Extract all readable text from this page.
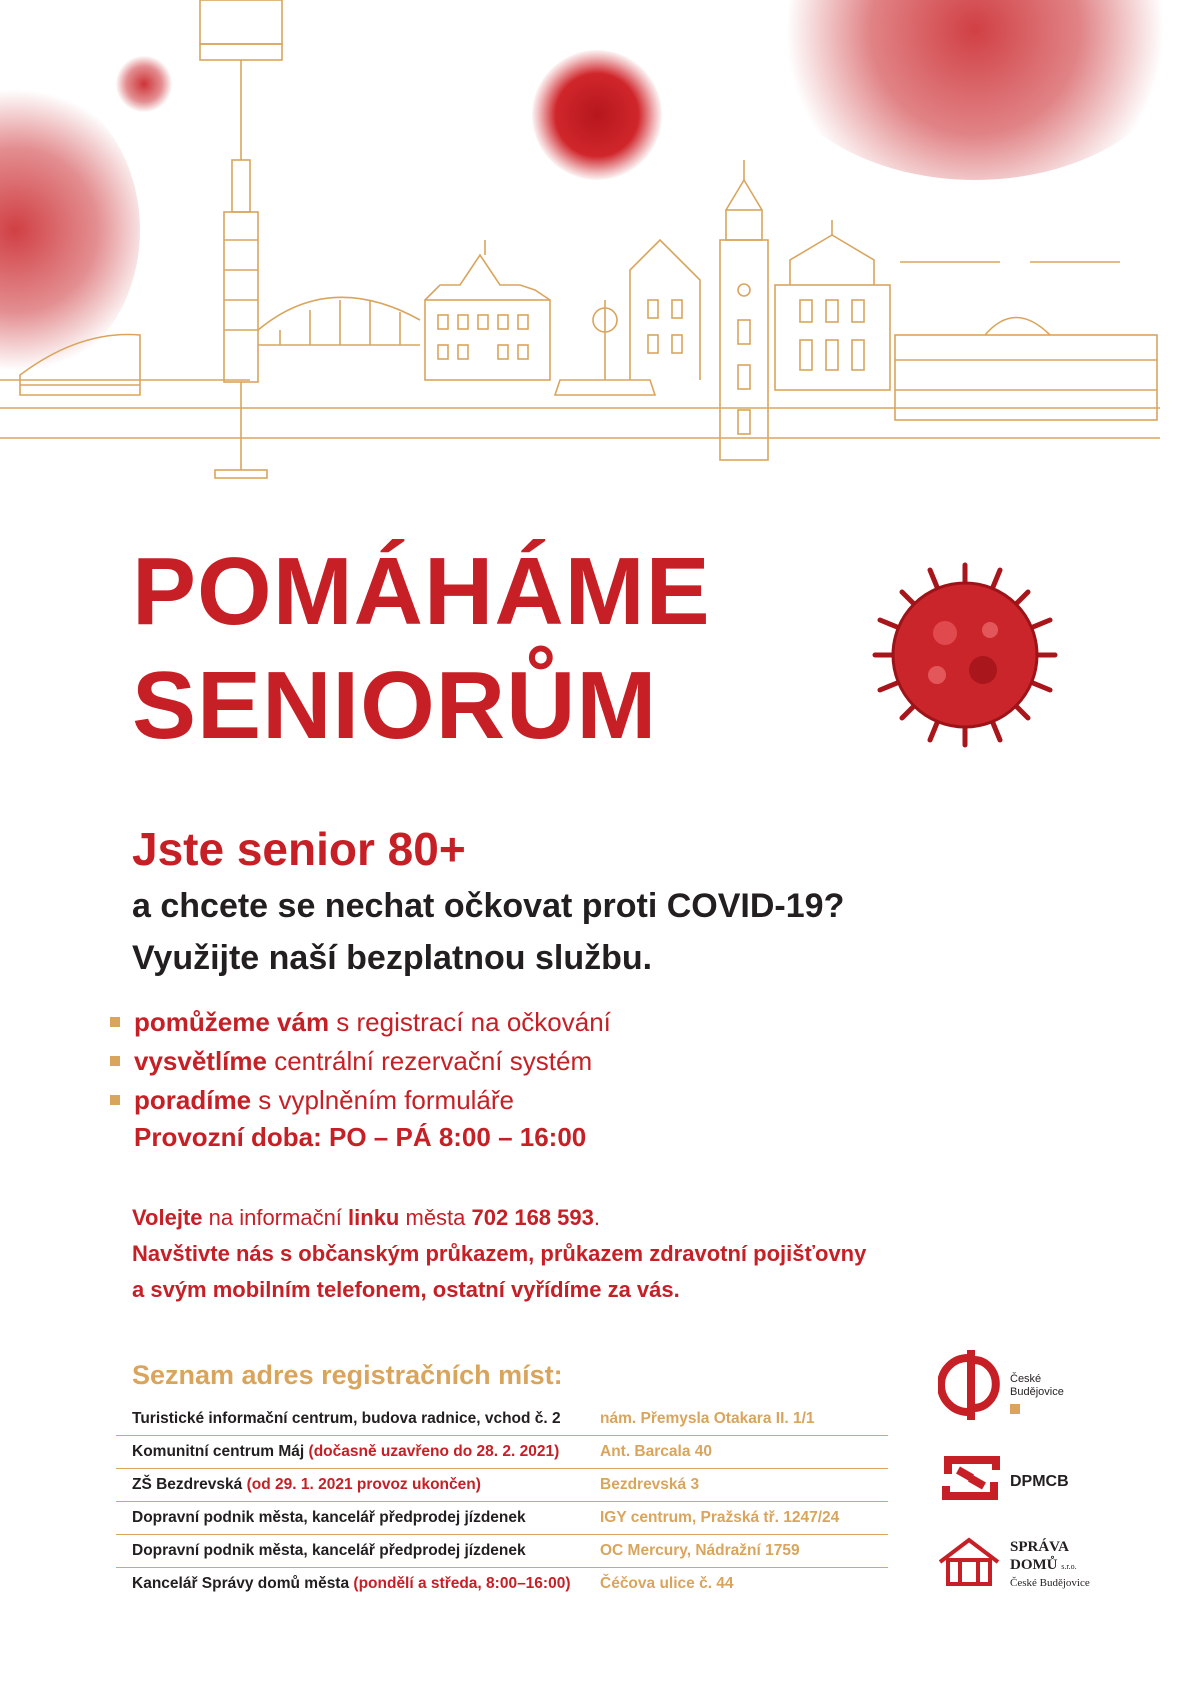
POMÁHÁME
SENIORŮM

Jste senior 80+

a chcete se nechat očkovat proti COVID-19?
Využijte naší bezplatnou službu.

pomůžeme vám s registrací na očkování
vysvětlíme centrální rezervační systém
poradíme s vyplněním formuláře
Provozní doba: PO – PÁ 8:00 – 16:00

Volejte na informační linku města 702 168 593.

Navštivte nás s občanským průkazem, průkazem zdravotní pojišťovny

a svým mobilním telefonem, ostatní vyřídíme za vás.

Seznam adres registračních míst:
Turistické informační centrum, budova radnice, vchod č. 2	nám. Přemysla Otakara II. 1/1
Komunitní centrum Máj (dočasně uzavřeno do 28. 2. 2021)	Ant. Barcala 40
ZŠ Bezdrevská (od 29. 1. 2021 provoz ukončen)	Bezdrevská 3
Dopravní podnik města, kancelář předprodej jízdenek	IGY centrum, Pražská tř. 1247/24
Dopravní podnik města, kancelář předprodej jízdenek	OC Mercury, Nádražní 1759
Kancelář Správy domů města (pondělí a středa, 8:00–16:00)	Čéčova ulice č. 44
České
Budějovice
DPMCB
SPRÁVA
DOMŮ s.r.o.
České Budějovice
